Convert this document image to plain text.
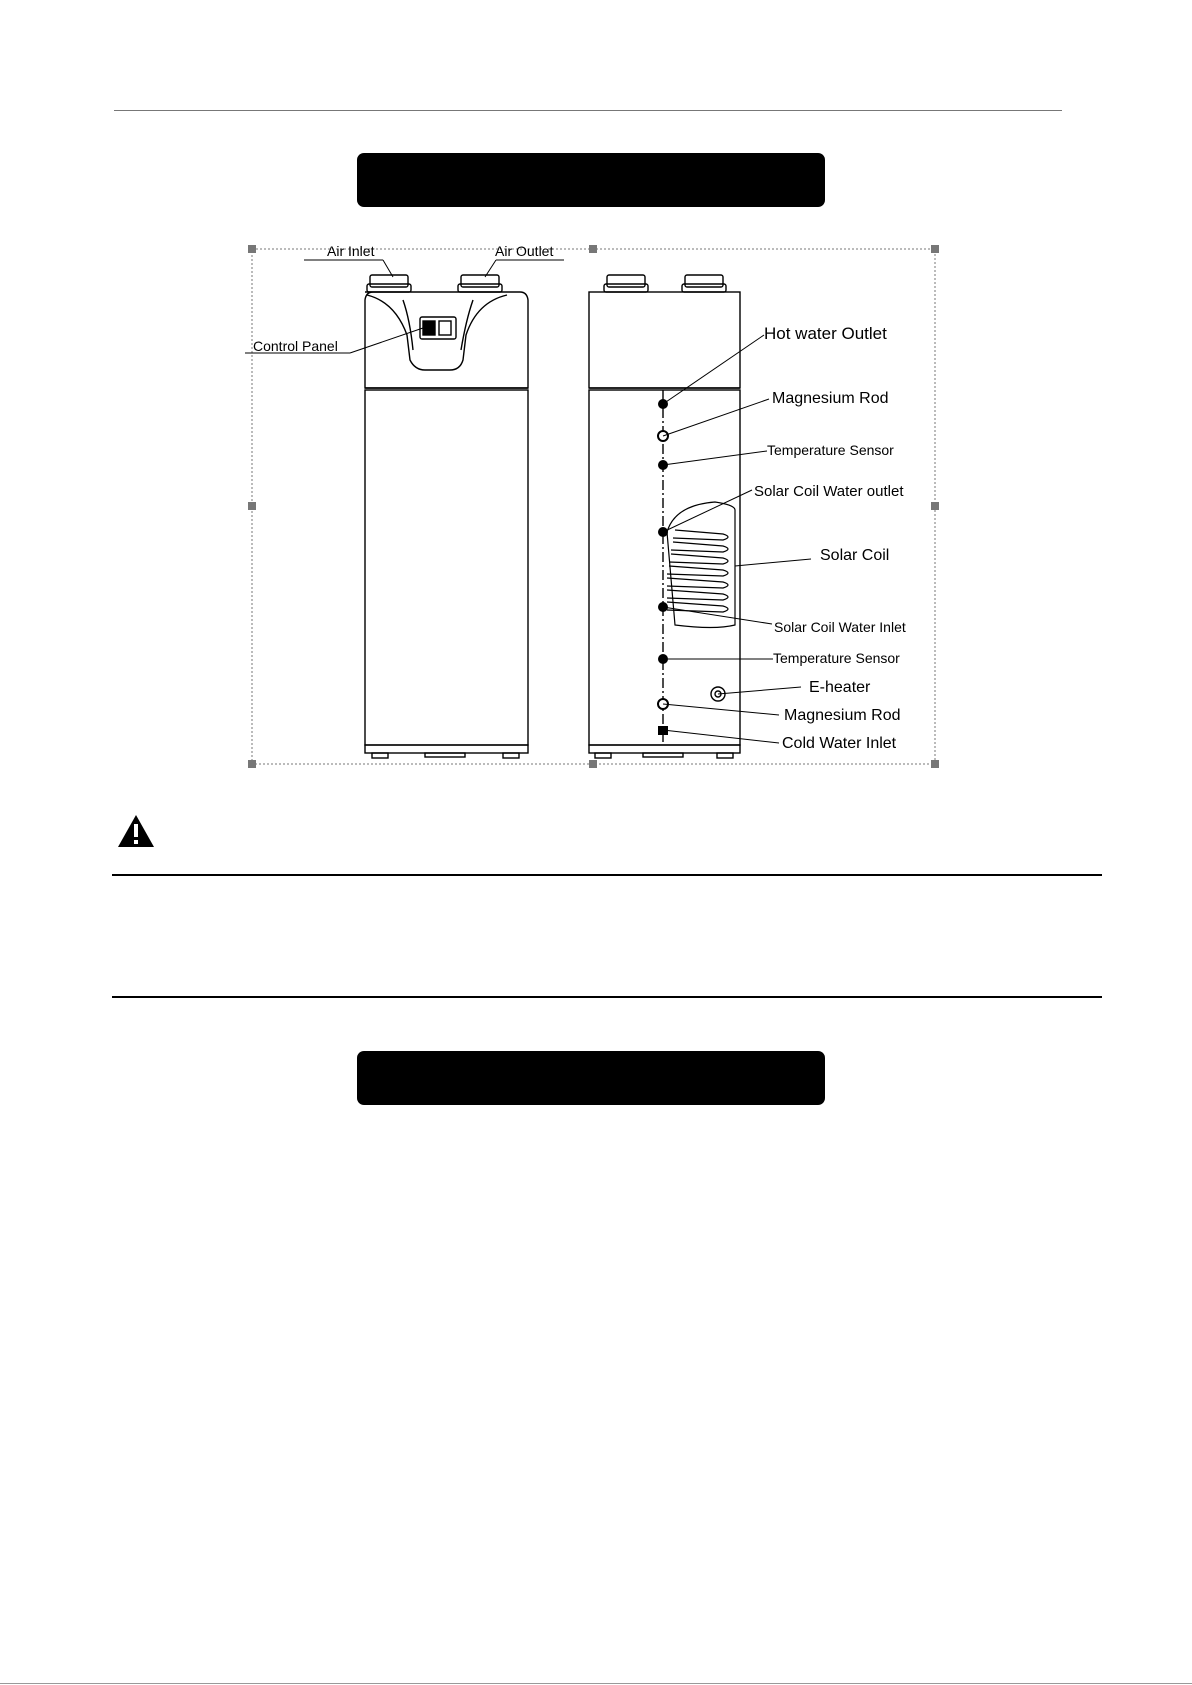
Air Inlet	Air Outlet
Control Panel
Hot water Outlet
Magnesium Rod
Temperature Sensor
Solar Coil Water outlet
Solar Coil
Solar Coil Water Inlet
Temperature Sensor
E-heater
Magnesium Rod
Cold Water Inlet
